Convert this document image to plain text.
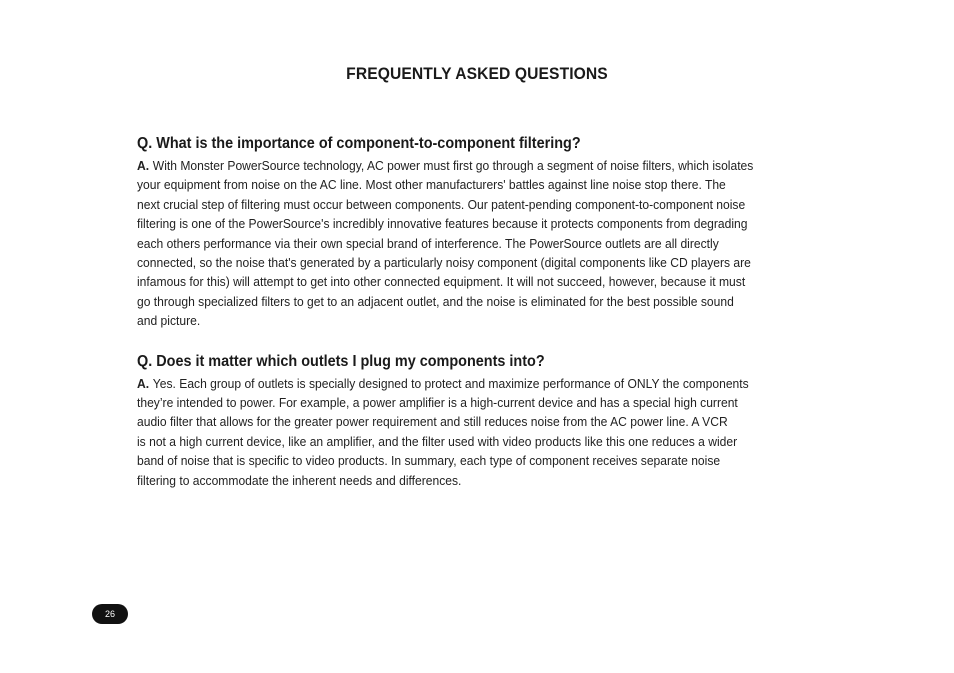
FREQUENTLY ASKED QUESTIONS

Q. What is the importance of component-to-component filtering?

A. With Monster PowerSource technology, AC power must first go through a segment of noise filters, which isolates
your equipment from noise on the AC line. Most other manufacturers' battles against line noise stop there. The
next crucial step of filtering must occur between components. Our patent-pending component-to-component noise
filtering is one of the PowerSource's incredibly innovative features because it protects components from degrading
each others performance via their own special brand of interference. The PowerSource outlets are all directly
connected, so the noise that's generated by a particularly noisy component (digital components like CD players are
infamous for this) will attempt to get into other connected equipment. It will not succeed, however, because it must
go through specialized filters to get to an adjacent outlet, and the noise is eliminated for the best possible sound
and picture.

Q. Does it matter which outlets I plug my components into?

A. Yes. Each group of outlets is specially designed to protect and maximize performance of ONLY the components
they’re intended to power. For example, a power amplifier is a high-current device and has a special high current
audio filter that allows for the greater power requirement and still reduces noise from the AC power line. A VCR
is not a high current device, like an amplifier, and the filter used with video products like this one reduces a wider
band of noise that is specific to video products. In summary, each type of component receives separate noise
filtering to accommodate the inherent needs and differences.
26
